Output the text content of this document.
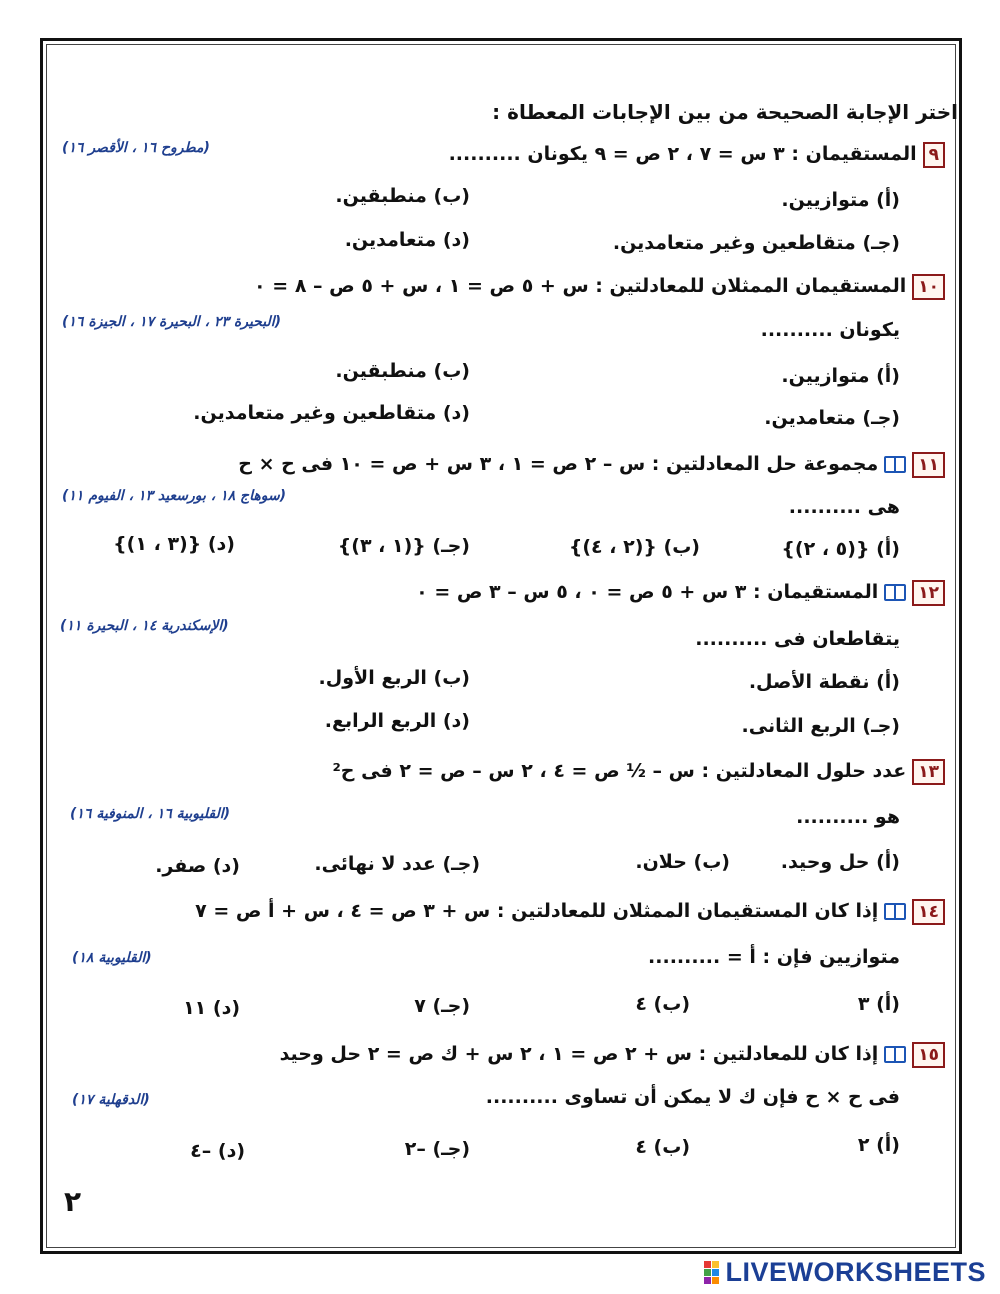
اختر الإجابة الصحيحة من بين الإجابات المعطاة :
٩المستقيمان : ٣ س = ٧ ، ٢ ص = ٩ يكونان ..........
(مطروح ١٦ ، الأقصر ١٦)
(أ) متوازيين.
(ب) منطبقين.
(جـ) متقاطعين وغير متعامدين.
(د) متعامدين.
١٠المستقيمان الممثلان للمعادلتين : س + ٥ ص = ١ ، س + ٥ ص – ٨ = ٠
يكونان ..........
(البحيرة ٢٣ ، البحيرة ١٧ ، الجيزة ١٦)
(أ) متوازيين.
(ب) منطبقين.
(جـ) متعامدين.
(د) متقاطعين وغير متعامدين.
١١مجموعة حل المعادلتين : س – ٢ ص = ١ ، ٣ س + ص = ١٠ فى ح × ح
هى ..........
(سوهاج ١٨ ، بورسعيد ١٣ ، الفيوم ١١)
(أ) {(٥ ، ٢)}
(ب) {(٢ ، ٤)}
(جـ) {(١ ، ٣)}
(د) {(٣ ، ١)}
١٢المستقيمان : ٣ س + ٥ ص = ٠ ، ٥ س – ٣ ص = ٠
يتقاطعان فى ..........
(الإسكندرية ١٤ ، البحيرة ١١)
(أ) نقطة الأصل.
(ب) الربع الأول.
(جـ) الربع الثانى.
(د) الربع الرابع.
١٣عدد حلول المعادلتين : س – ½ ص = ٤ ، ٢ س – ص = ٢ فى ح²
هو ..........
(القليوبية ١٦ ، المنوفية ١٦)
(أ) حل وحيد.
(ب) حلان.
(جـ) عدد لا نهائى.
(د) صفر.
١٤إذا كان المستقيمان الممثلان للمعادلتين : س + ٣ ص = ٤ ، س + أ ص = ٧
متوازيين فإن : أ = ..........
(القليوبية ١٨)
(أ) ٣
(ب) ٤
(جـ) ٧
(د) ١١
١٥إذا كان للمعادلتين : س + ٢ ص = ١ ، ٢ س + ك ص = ٢ حل وحيد
فى ح × ح فإن ك لا يمكن أن تساوى ..........
(الدقهلية ١٧)
(أ) ٢
(ب) ٤
(جـ) –٢
(د) –٤
٢
LIVEWORKSHEETS
